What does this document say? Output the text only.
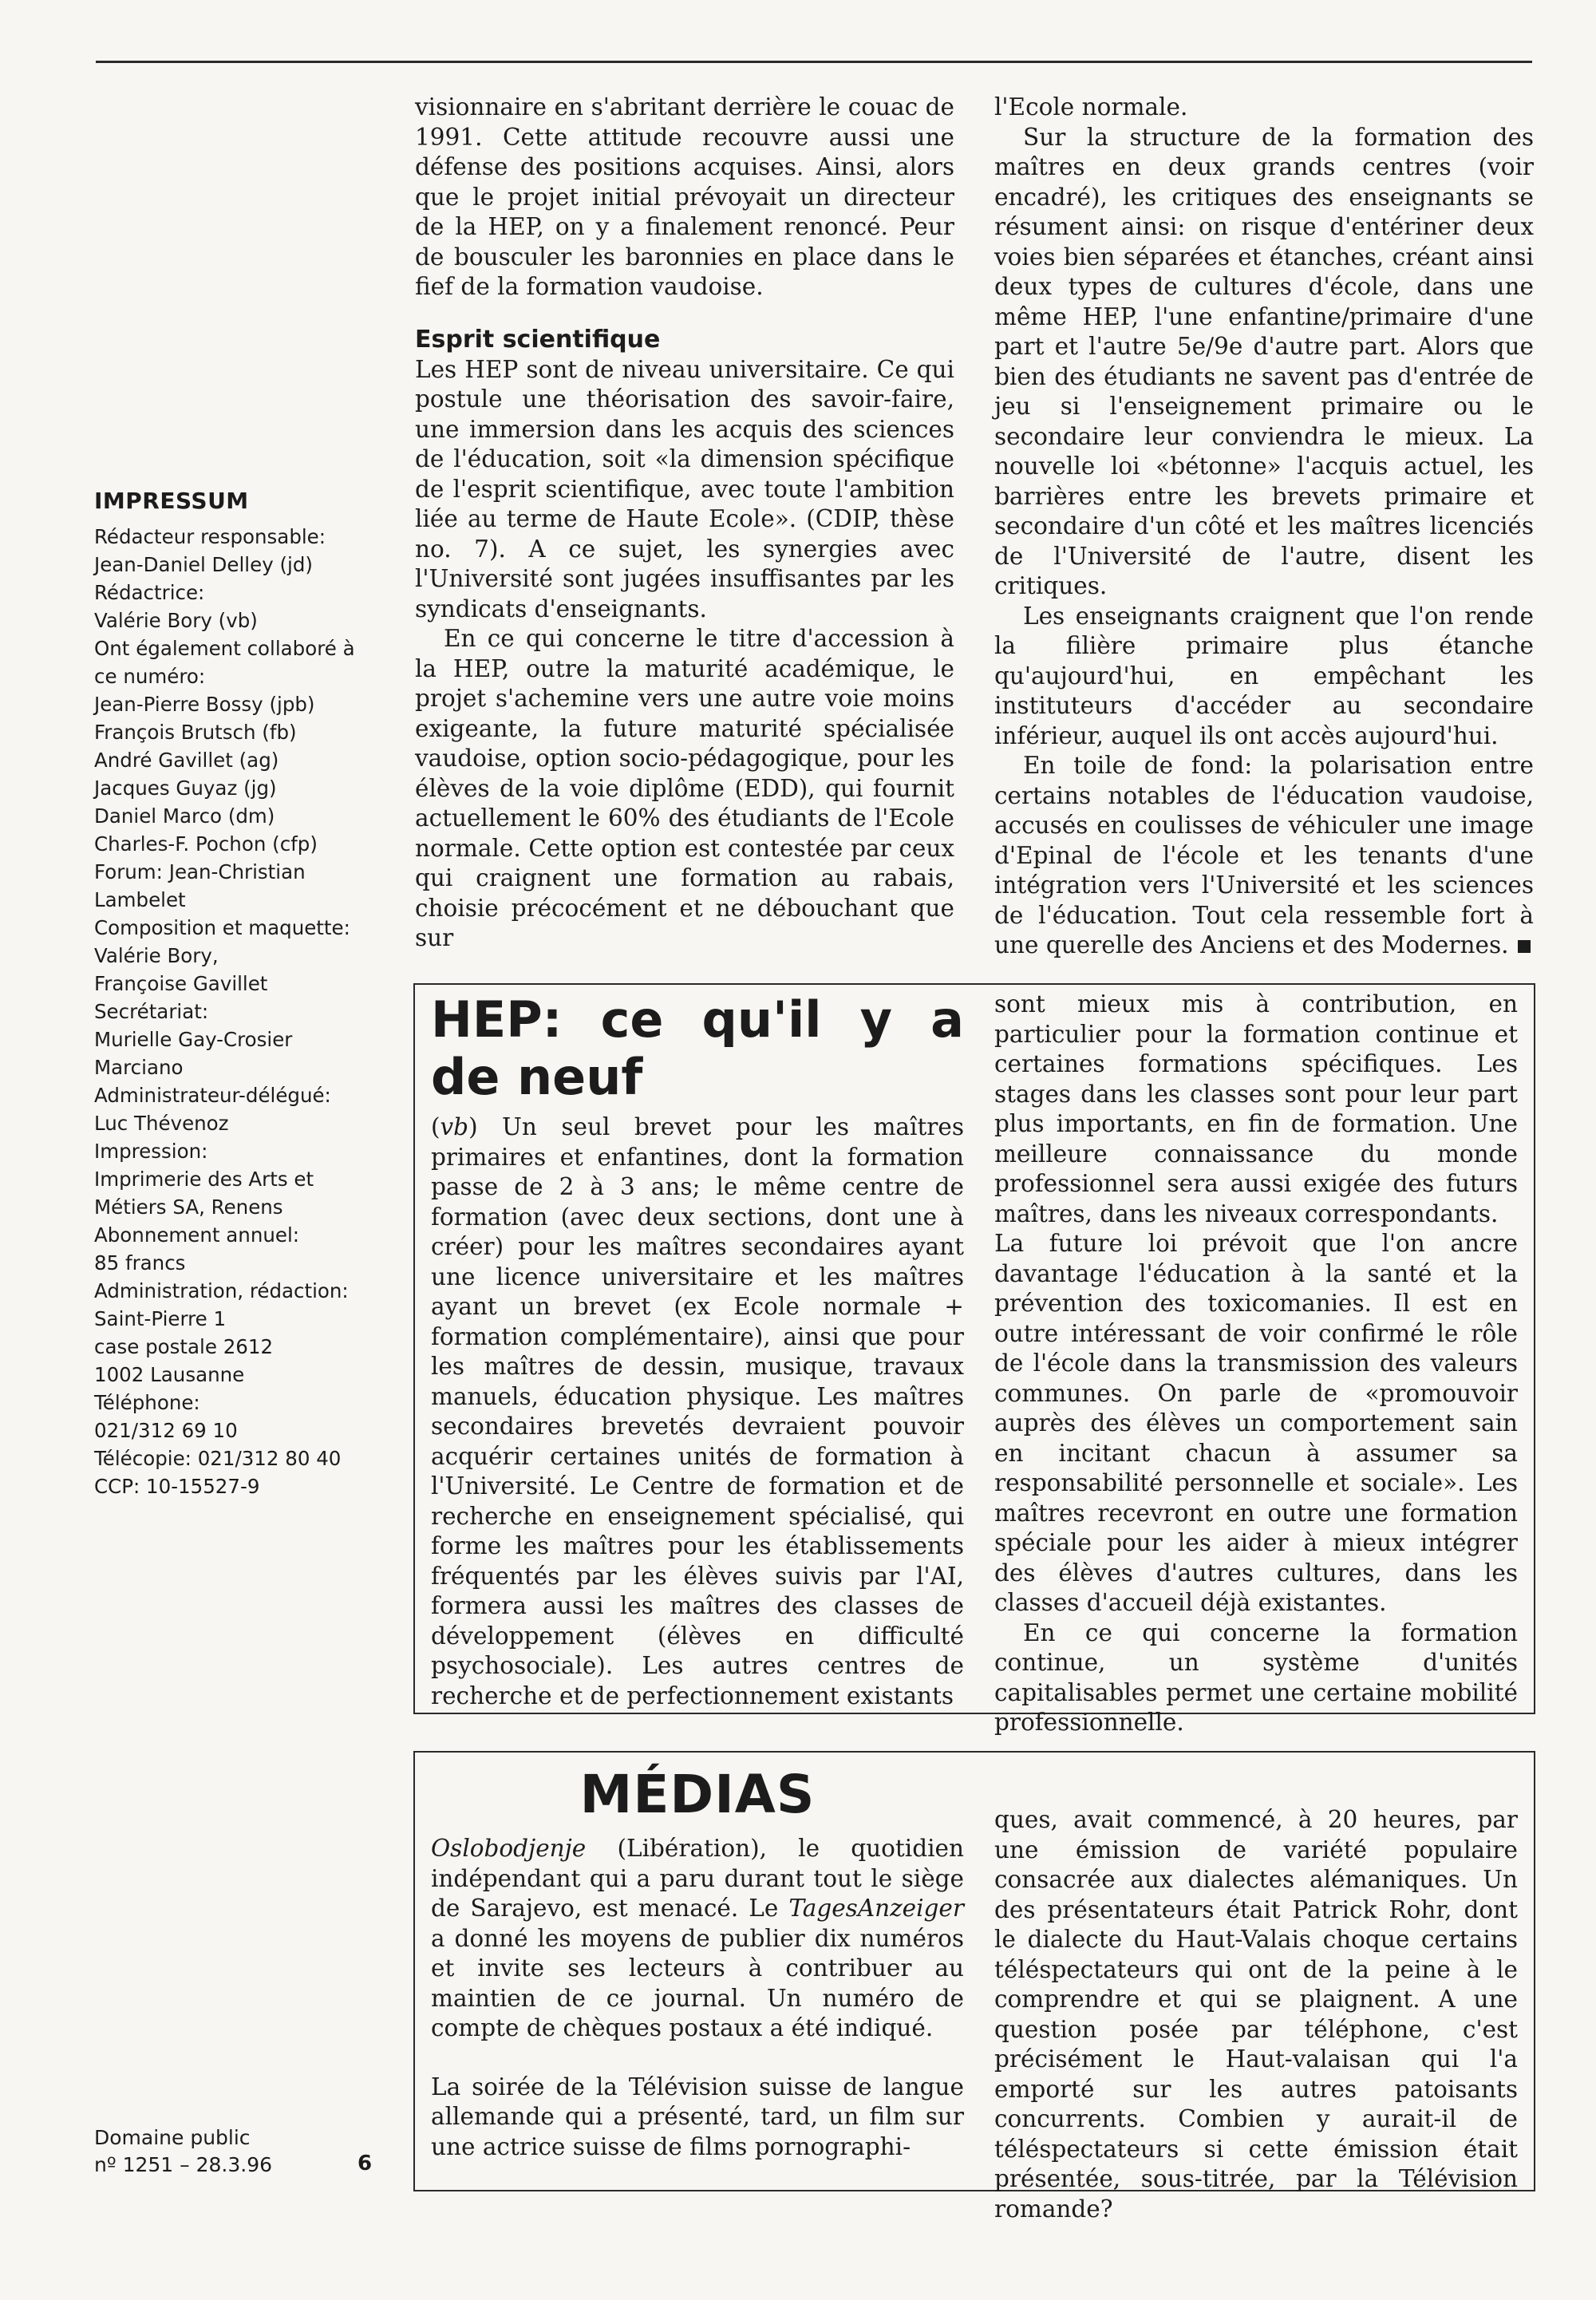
IMPRESSUM
Rédacteur responsable:
Jean-Daniel Delley (jd)
Rédactrice:
Valérie Bory (vb)
Ont également collaboré à
ce numéro:
Jean-Pierre Bossy (jpb)
François Brutsch (fb)
André Gavillet (ag)
Jacques Guyaz (jg)
Daniel Marco (dm)
Charles-F. Pochon (cfp)
Forum: Jean-Christian
Lambelet
Composition et maquette:
Valérie Bory,
Françoise Gavillet
Secrétariat:
Murielle Gay-Crosier
Marciano
Administrateur-délégué:
Luc Thévenoz
Impression:
Imprimerie des Arts et
Métiers SA, Renens
Abonnement annuel:
85 francs
Administration, rédaction:
Saint-Pierre 1
case postale 2612
1002 Lausanne
Téléphone:
021/312 69 10
Télécopie: 021/312 80 40
CCP: 10-15527-9
Domaine public
nº 1251 – 28.3.96	6

visionnaire en s'abritant derrière le couac de 1991. Cette attitude recouvre aussi une défense des positions acquises. Ainsi, alors que le projet initial prévoyait un directeur de la HEP, on y a finalement renoncé. Peur de bousculer les baronnies en place dans le fief de la formation vaudoise.

Esprit scientifique

Les HEP sont de niveau universitaire. Ce qui postule une théorisation des savoir-faire, une immersion dans les acquis des sciences de l'éducation, soit «la dimension spécifique de l'esprit scientifique, avec toute l'ambition liée au terme de Haute Ecole». (CDIP, thèse no. 7). A ce sujet, les synergies avec l'Université sont jugées insuffisantes par les syndicats d'enseignants.

En ce qui concerne le titre d'accession à la HEP, outre la maturité académique, le projet s'achemine vers une autre voie moins exigeante, la future maturité spécialisée vaudoise, option socio-pédagogique, pour les élèves de la voie diplôme (EDD), qui fournit actuellement le 60% des étudiants de l'Ecole normale. Cette option est contestée par ceux qui craignent une formation au rabais, choisie précocément et ne débouchant que sur

l'Ecole normale.

Sur la structure de la formation des maîtres en deux grands centres (voir encadré), les critiques des enseignants se résument ainsi: on risque d'entériner deux voies bien séparées et étanches, créant ainsi deux types de cultures d'école, dans une même HEP, l'une enfantine/primaire d'une part et l'autre 5e/9e d'autre part. Alors que bien des étudiants ne savent pas d'entrée de jeu si l'enseignement primaire ou le secondaire leur conviendra le mieux. La nouvelle loi «bétonne» l'acquis actuel, les barrières entre les brevets primaire et secondaire d'un côté et les maîtres licenciés de l'Université de l'autre, disent les critiques.

Les enseignants craignent que l'on rende la filière primaire plus étanche qu'aujourd'hui, en empêchant les instituteurs d'accéder au secondaire inférieur, auquel ils ont accès aujourd'hui.

En toile de fond: la polarisation entre certains notables de l'éducation vaudoise, accusés en coulisses de véhiculer une image d'Epinal de l'école et les tenants d'une intégration vers l'Université et les sciences de l'éducation. Tout cela ressemble fort à une querelle des Anciens et des Modernes.

HEP: ce qu'il y a de neuf

(vb) Un seul brevet pour les maîtres primaires et enfantines, dont la formation passe de 2 à 3 ans; le même centre de formation (avec deux sections, dont une à créer) pour les maîtres secondaires ayant une licence universitaire et les maîtres ayant un brevet (ex Ecole normale + formation complémentaire), ainsi que pour les maîtres de dessin, musique, travaux manuels, éducation physique. Les maîtres secondaires brevetés devraient pouvoir acquérir certaines unités de formation à l'Université. Le Centre de formation et de recherche en enseignement spécialisé, qui forme les maîtres pour les établissements fréquentés par les élèves suivis par l'AI, formera aussi les maîtres des classes de développement (élèves en difficulté psychosociale). Les autres centres de recherche et de perfectionnement existants

sont mieux mis à contribution, en particulier pour la formation continue et certaines formations spécifiques. Les stages dans les classes sont pour leur part plus importants, en fin de formation. Une meilleure connaissance du monde professionnel sera aussi exigée des futurs maîtres, dans les niveaux correspondants.

La future loi prévoit que l'on ancre davantage l'éducation à la santé et la prévention des toxicomanies. Il est en outre intéressant de voir confirmé le rôle de l'école dans la transmission des valeurs communes. On parle de «promouvoir auprès des élèves un comportement sain en incitant chacun à assumer sa responsabilité personnelle et sociale». Les maîtres recevront en outre une formation spéciale pour les aider à mieux intégrer des élèves d'autres cultures, dans les classes d'accueil déjà existantes.

En ce qui concerne la formation continue, un système d'unités capitalisables permet une certaine mobilité professionnelle.

MÉDIAS

Oslobodjenje (Libération), le quotidien indépendant qui a paru durant tout le siège de Sarajevo, est menacé. Le TagesAnzeiger a donné les moyens de publier dix numéros et invite ses lecteurs à contribuer au maintien de ce journal. Un numéro de compte de chèques postaux a été indiqué.

La soirée de la Télévision suisse de langue allemande qui a présenté, tard, un film sur une actrice suisse de films pornographi-

ques, avait commencé, à 20 heures, par une émission de variété populaire consacrée aux dialectes alémaniques. Un des présentateurs était Patrick Rohr, dont le dialecte du Haut-Valais choque certains téléspectateurs qui ont de la peine à le comprendre et qui se plaignent. A une question posée par téléphone, c'est précisément le Haut-valaisan qui l'a emporté sur les autres patoisants concurrents. Combien y aurait-il de téléspectateurs si cette émission était présentée, sous-titrée, par la Télévision romande?
